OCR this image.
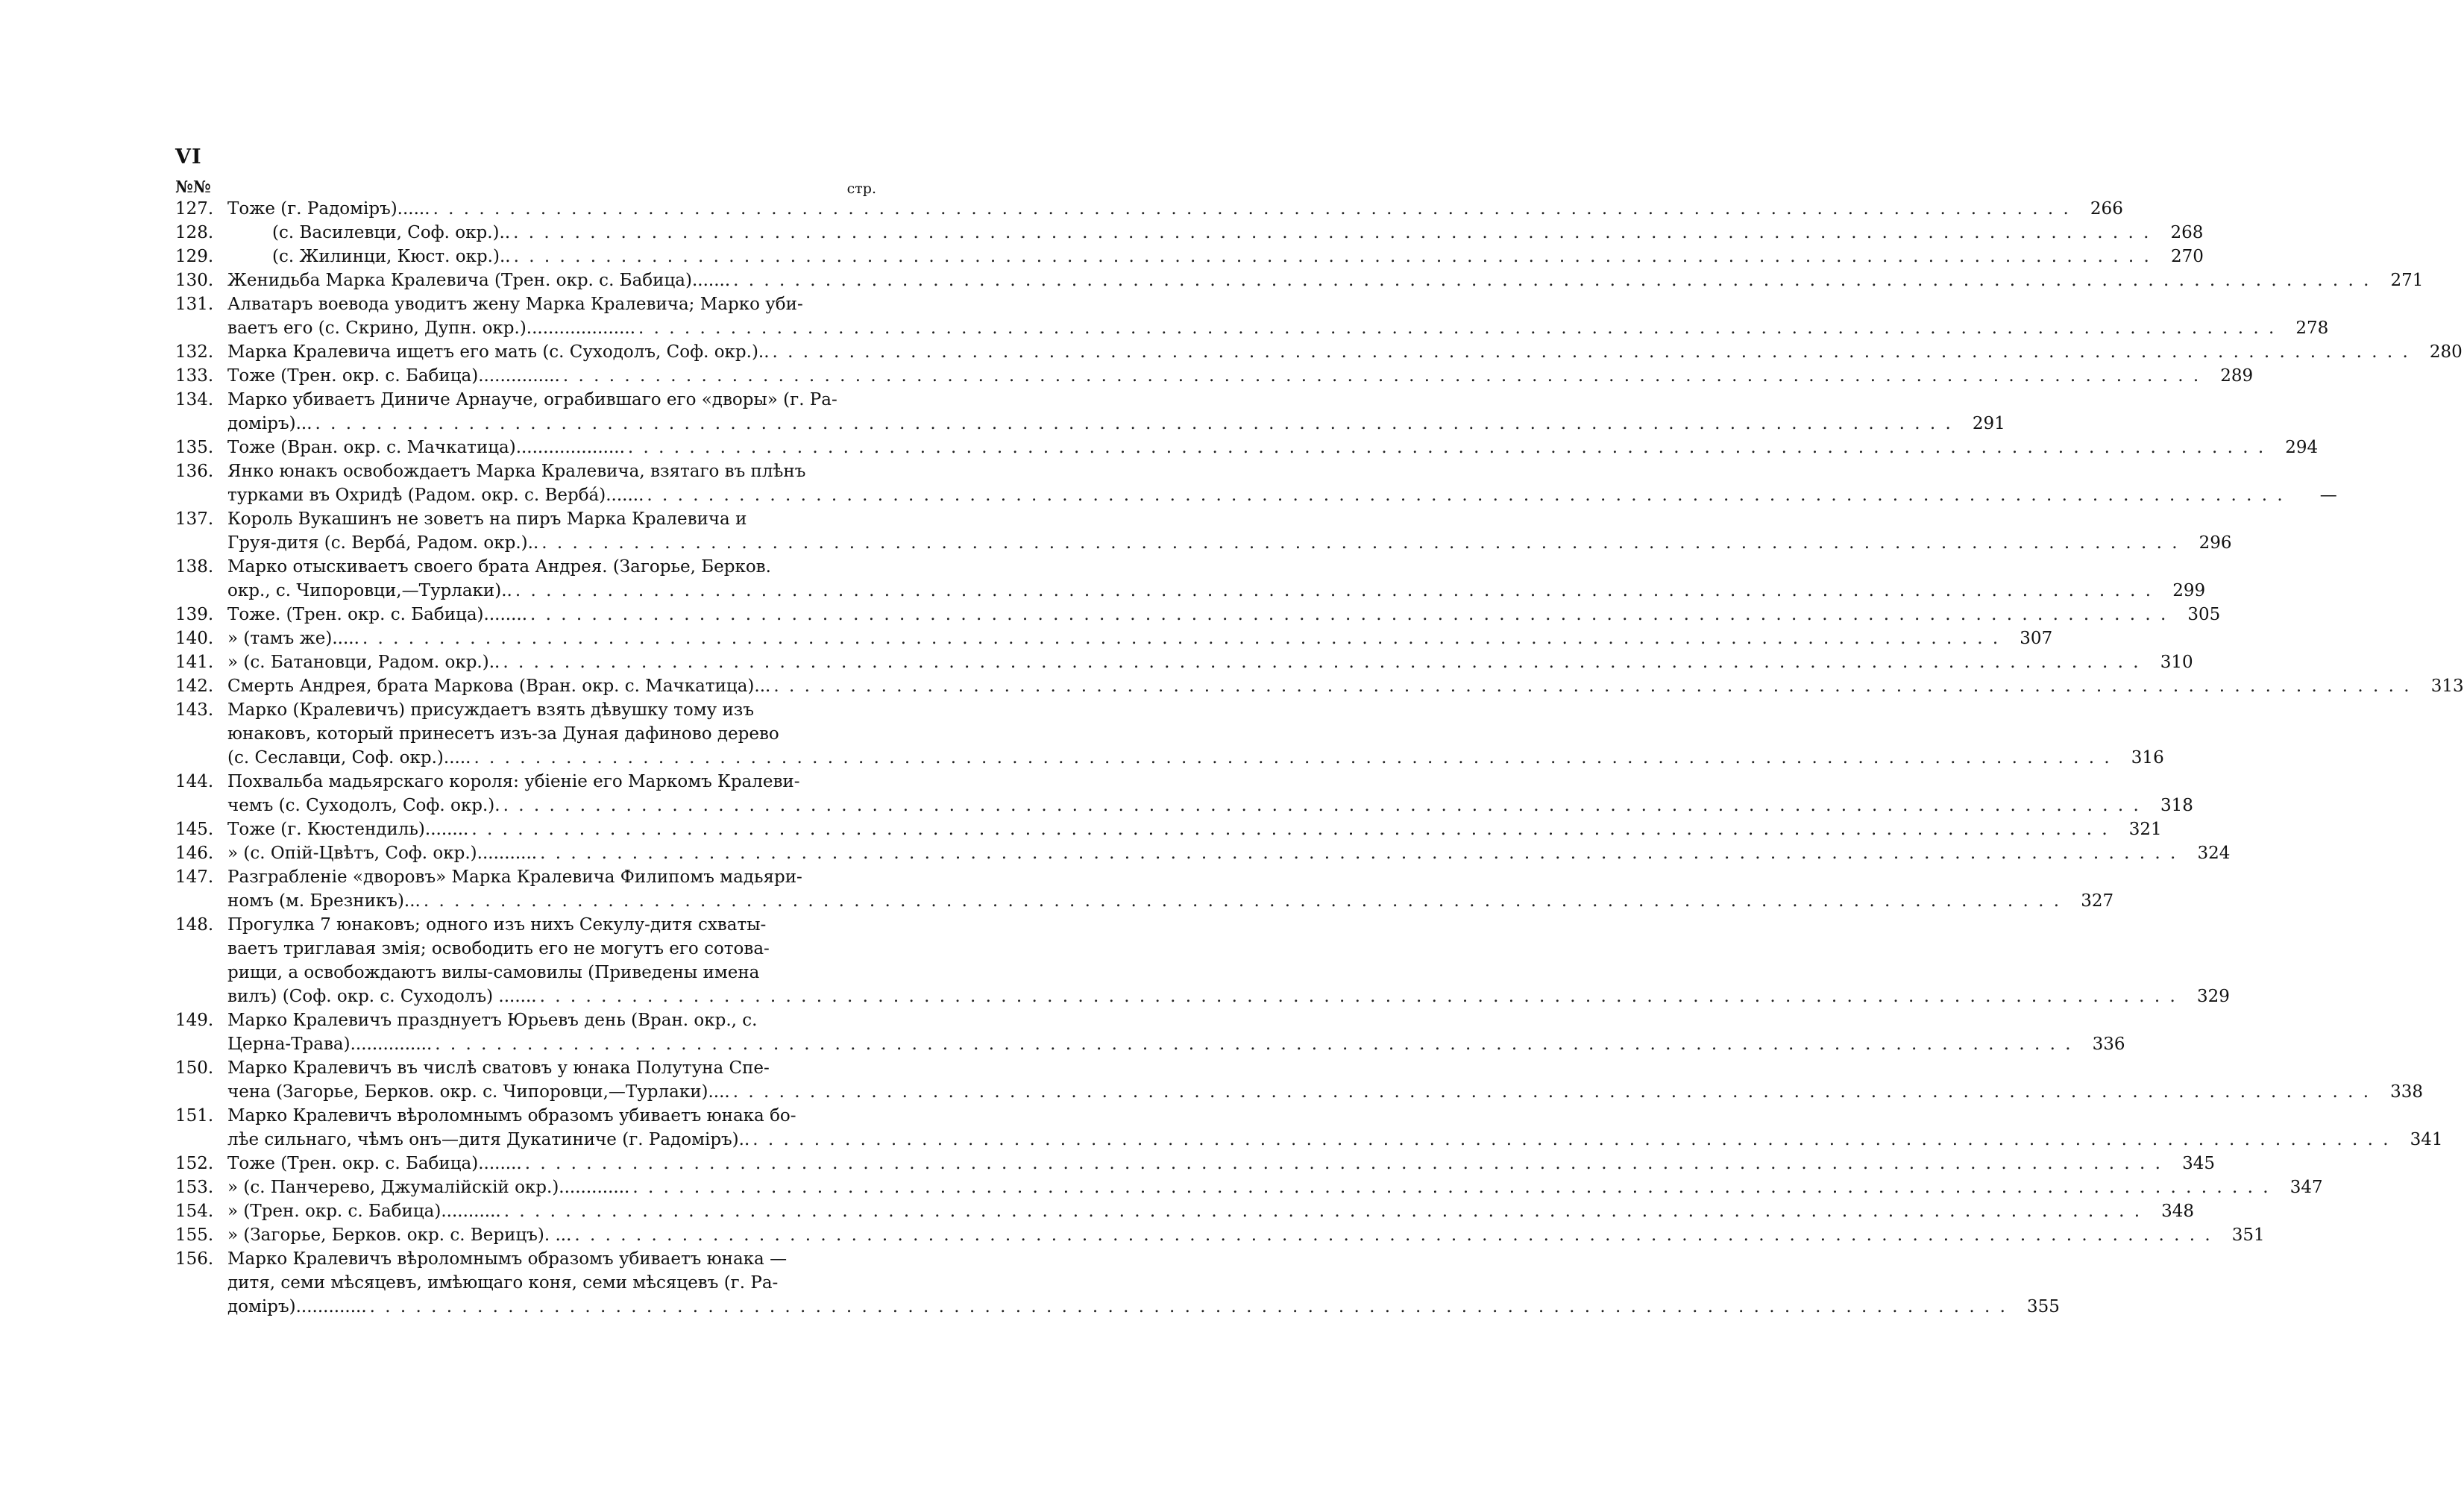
VI
№№	стр.
127. Тоже (г. Радоміръ)...... . . .	266
128.	(с. Василевци, Соф. окр.).. . . .	268
129.	(с. Жилинци, Кюст. окр.).. . . .	270
130. Женидьба Марка Кралевича (Трен. окр. с. Бабица)....... . . .	271
131. Алватаръ воевода уводитъ жену Марка Кралевича; Марко уби-
ваетъ его (с. Скрино, Дупн. окр.).................... . . .	278
132. Марка Кралевича ищетъ его мать (с. Суходолъ, Соф. окр.).. . . .	280
133. Тоже (Трен. окр. с. Бабица)............... . . .	289
134. Марко убиваетъ Диниче Арнауче, ограбившаго его «дворы» (г. Ра-
доміръ)... . . .	291
135. Тоже (Вран. окр. с. Мачкатица).................... . . .	294
136. Янко юнакъ освобождаетъ Марка Кралевича, взятаго въ плѣнъ
турками въ Охридѣ (Радом. окр. с. Верба́)....... . . .	—
137. Король Вукашинъ не зоветъ на пиръ Марка Кралевича и
Груя-дитя (с. Верба́, Радом. окр.).. . . .	296
138. Марко отыскиваетъ своего брата Андрея. (Загорье, Берков.
окр., с. Чипоровци,—Турлаки).. . . .	299
139. Тоже. (Трен. окр. с. Бабица)........ . . .	305
140. » (тамъ же)..... . . .	307
141. » (с. Батановци, Радом. окр.).. . . .	310
142. Смерть Андрея, брата Маркова (Вран. окр. с. Мачкатица)... . . .	313
143. Марко (Кралевичъ) присуждаетъ взять дѣвушку тому изъ
юнаковъ, который принесетъ изъ-за Дуная дафиново дерево
(с. Сеславци, Соф. окр.)..... . . .	316
144. Похвальба мадьярскаго короля: убіеніе его Маркомъ Кралеви-
чемъ (с. Суходолъ, Соф. окр.). . . .	318
145. Тоже (г. Кюстендиль)........ . . .	321
146. » (с. Опій-Цвѣтъ, Соф. окр.)........... . . .	324
147. Разграбленіе «дворовъ» Марка Кралевича Филипомъ мадьяри-
номъ (м. Брезникъ)... . . .	327
148. Прогулка 7 юнаковъ; одного изъ нихъ Секулу-дитя схваты-
ваетъ триглавая змія; освободить его не могутъ его сотова-
рищи, а освобождаютъ вилы-самовилы (Приведены имена
вилъ) (Соф. окр. с. Суходолъ) ....... . . .	329
149. Марко Кралевичъ празднуетъ Юрьевъ день (Вран. окр., с.
Церна-Трава)............... . . .	336
150. Марко Кралевичъ въ числѣ сватовъ у юнака Полутуна Спе-
чена (Загорье, Берков. окр. с. Чипоровци,—Турлаки).... . . .	338
151. Марко Кралевичъ вѣроломнымъ образомъ убиваетъ юнака бо-
лѣе сильнаго, чѣмъ онъ—дитя Дукатиниче (г. Радоміръ).. . . .	341
152. Тоже (Трен. окр. с. Бабица)........ . . .	345
153. » (с. Панчерево, Джумалійскій окр.)............. . . .	347
154. » (Трен. окр. с. Бабица)........... . . .	348
155. » (Загорье, Берков. окр. с. Верицъ). ... . . .	351
156. Марко Кралевичъ вѣроломнымъ образомъ убиваетъ юнака —
дитя, семи мѣсяцевъ, имѣющаго коня, семи мѣсяцевъ (г. Ра-
доміръ)............. . . .	355
